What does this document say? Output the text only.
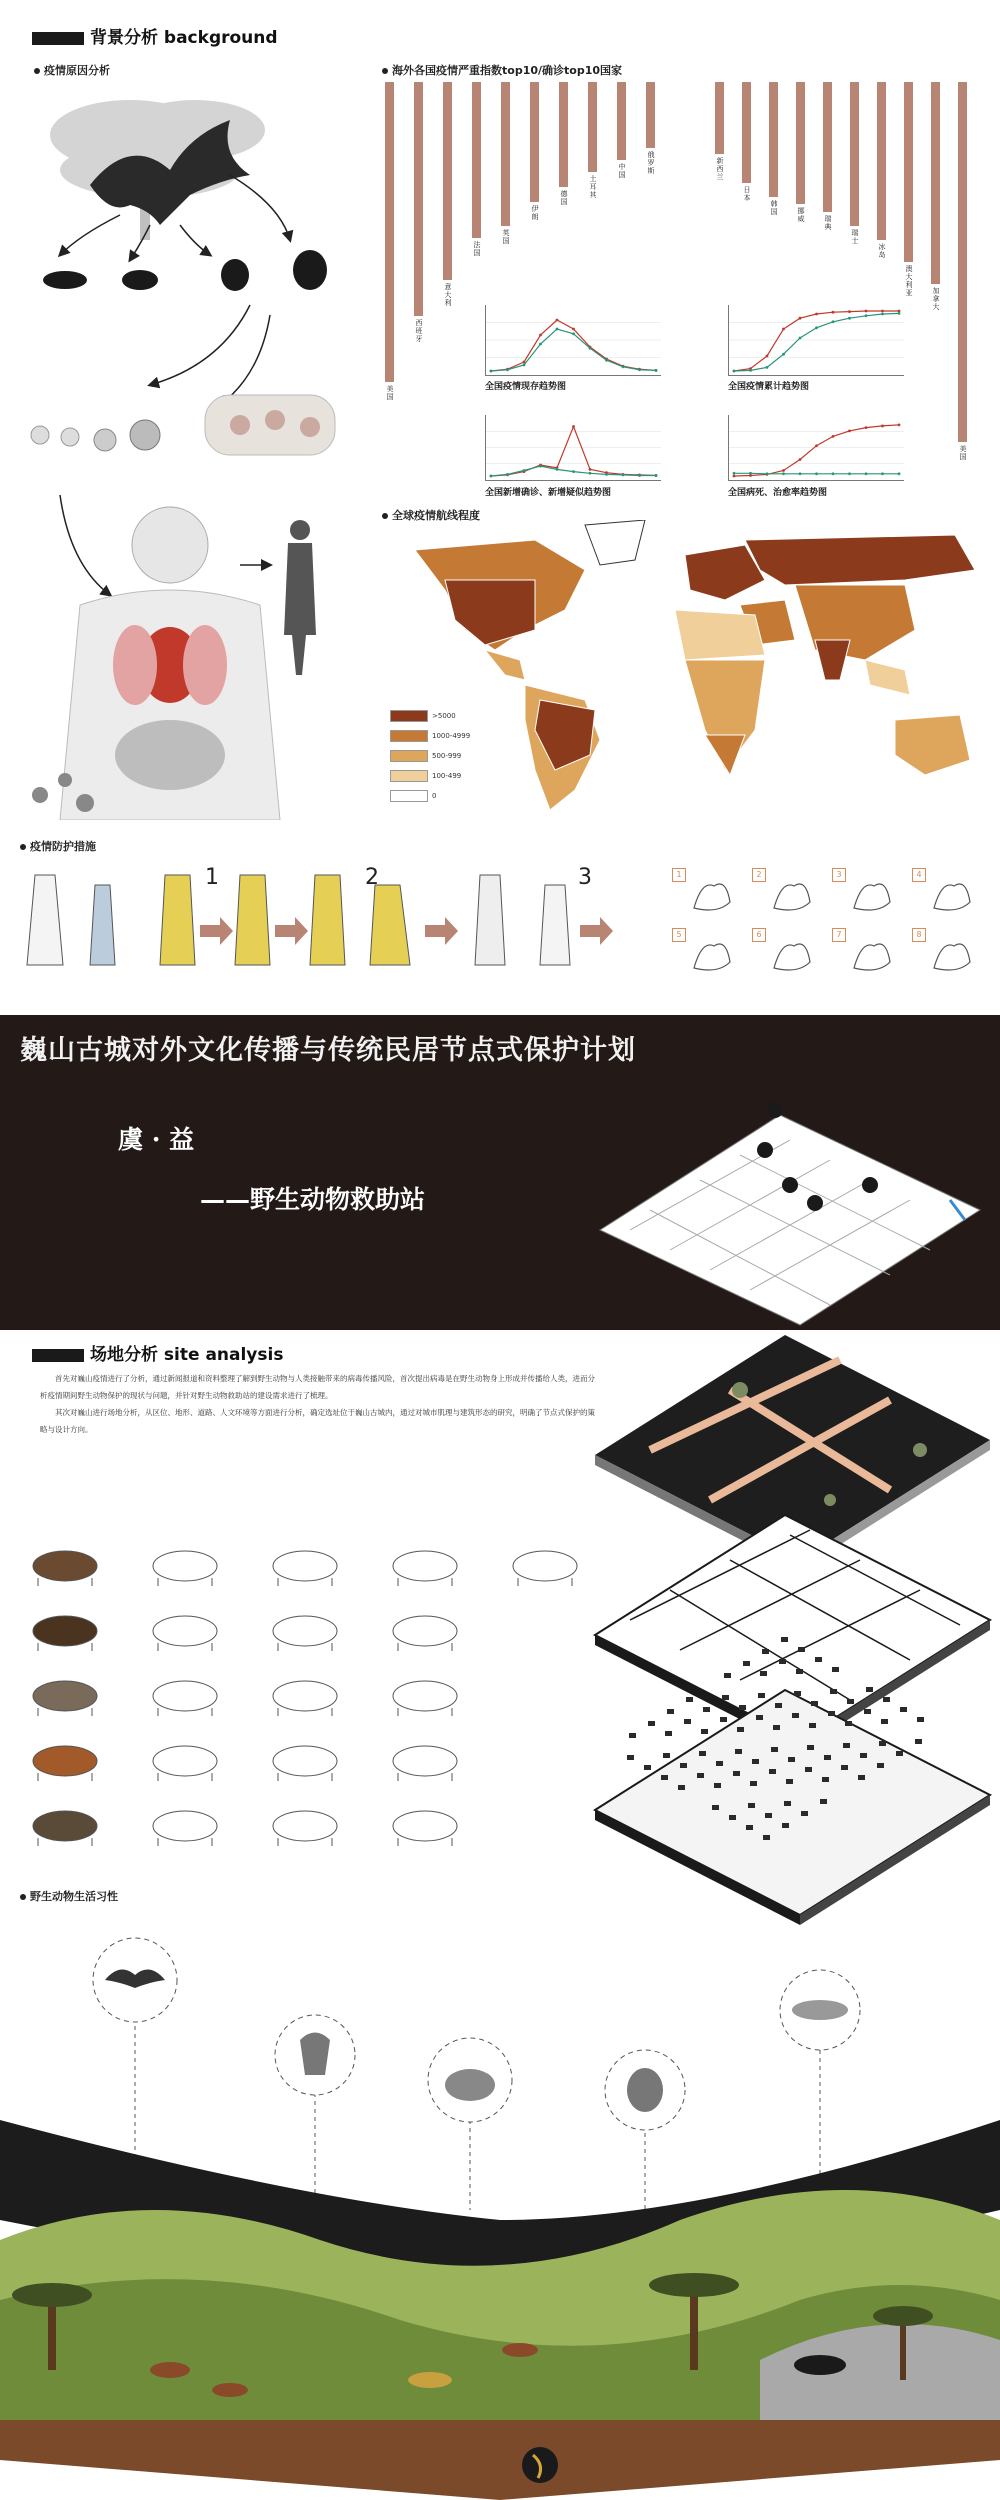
背景分析 background
疫情原因分析	海外各国疫情严重指数top10/确诊top10国家
美国
西班牙
意大利
法国
英国
伊朗
德国
土耳其
中国
俄罗斯
新西兰
日本
韩国	挪威	瑞典
瑞士
冰岛
澳大利亚	加拿大
美国
全国疫情现存趋势图	全国疫情累计趋势图
全国新增确诊、新增疑似趋势图	全国病死、治愈率趋势图
全球疫情航线程度
>5000
1000-4999
500-999
100-499
0
疫情防护措施
1	2	3	1	2	3	4
5	6	7	8
巍山古城对外文化传播与传统民居节点式保护计划
虞 · 益
——野生动物救助站
场地分析 site analysis

首先对巍山疫情进行了分析，通过新闻报道和资料整理了解到野生动物与人类接触带来的病毒传播风险，首次提出病毒是在野生动物身上形成并传播给人类，进而分析疫情期间野生动物保护的现状与问题，并针对野生动物救助站的建设需求进行了梳理。

其次对巍山进行场地分析，从区位、地形、道路、人文环境等方面进行分析，确定选址位于巍山古城内，通过对城市肌理与建筑形态的研究，明确了节点式保护的策略与设计方向。

野生动物生活习性
